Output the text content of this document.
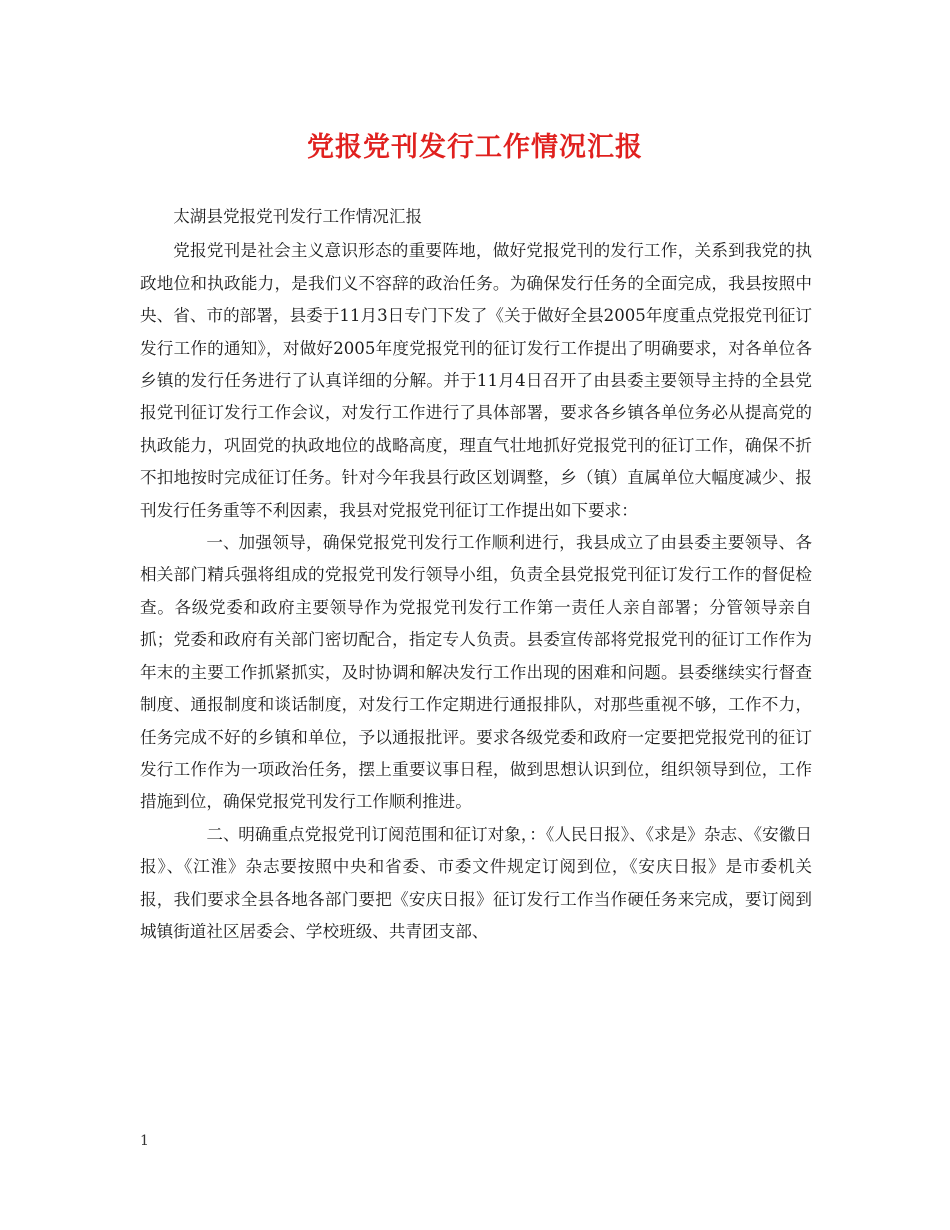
党报党刊发行工作情况汇报

太湖县党报党刊发行工作情况汇报

党报党刊是社会主义意识形态的重要阵地，做好党报党刊的发行工作，关系到我党的执政地位和执政能力，是我们义不容辞的政治任务。为确保发行任务的全面完成，我县按照中央、省、市的部署，县委于11月3日专门下发了《关于做好全县2005年度重点党报党刊征订发行工作的通知》，对做好2005年度党报党刊的征订发行工作提出了明确要求，对各单位各乡镇的发行任务进行了认真详细的分解。并于11月4日召开了由县委主要领导主持的全县党报党刊征订发行工作会议，对发行工作进行了具体部署，要求各乡镇各单位务必从提高党的执政能力，巩固党的执政地位的战略高度，理直气壮地抓好党报党刊的征订工作，确保不折不扣地按时完成征订任务。针对今年我县行政区划调整，乡（镇）直属单位大幅度减少、报刊发行任务重等不利因素，我县对党报党刊征订工作提出如下要求：

一、加强领导，确保党报党刊发行工作顺利进行，我县成立了由县委主要领导、各相关部门精兵强将组成的党报党刊发行领导小组，负责全县党报党刊征订发行工作的督促检查。各级党委和政府主要领导作为党报党刊发行工作第一责任人亲自部署；分管领导亲自抓；党委和政府有关部门密切配合，指定专人负责。县委宣传部将党报党刊的征订工作作为年末的主要工作抓紧抓实，及时协调和解决发行工作出现的困难和问题。县委继续实行督查制度、通报制度和谈话制度，对发行工作定期进行通报排队，对那些重视不够，工作不力，任务完成不好的乡镇和单位，予以通报批评。要求各级党委和政府一定要把党报党刊的征订发行工作作为一项政治任务，摆上重要议事日程，做到思想认识到位，组织领导到位，工作措施到位，确保党报党刊发行工作顺利推进。

二、明确重点党报党刊订阅范围和征订对象，：《人民日报》、《求是》杂志、《安徽日报》、《江淮》杂志要按照中央和省委、市委文件规定订阅到位，《安庆日报》是市委机关报，我们要求全县各地各部门要把《安庆日报》征订发行工作当作硬任务来完成，要订阅到城镇街道社区居委会、学校班级、共青团支部、

1
